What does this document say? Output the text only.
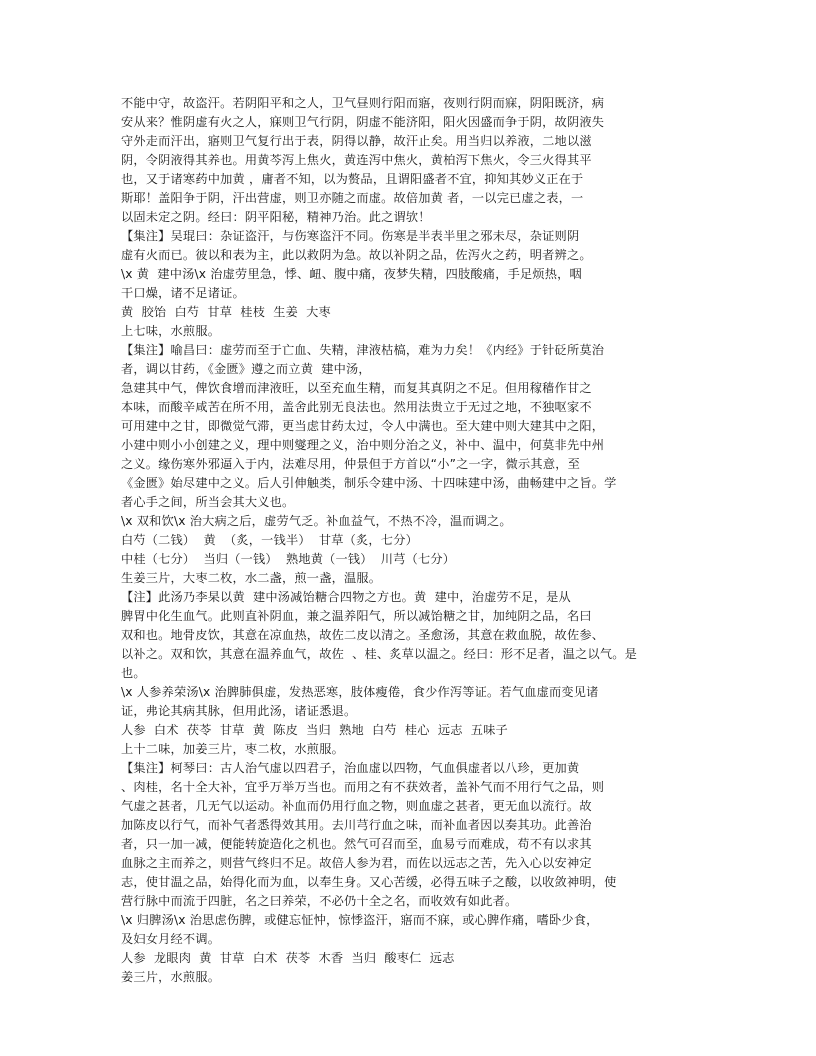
不能中守，故盗汗。若阴阳平和之人，卫气昼则行阳而寤，夜则行阴而寐，阴阳既济，病
安从来？惟阴虚有火之人，寐则卫气行阴，阴虚不能济阳，阳火因盛而争于阴，故阴液失
守外走而汗出，寤则卫气复行出于表，阴得以静，故汗止矣。用当归以养液，二地以滋
阴，令阴液得其养也。用黄芩泻上焦火，黄连泻中焦火，黄柏泻下焦火，令三火得其平
也，又于诸寒药中加黄 ，庸者不知，以为赘品，且谓阳盛者不宜，抑知其妙义正在于
斯耶！盖阳争于阴，汗出营虚，则卫亦随之而虚。故倍加黄 者，一以完已虚之表，一
以固未定之阴。经曰：阴平阳秘，精神乃治。此之谓欤！
【集注】吴琨曰：杂证盗汗，与伤寒盗汗不同。伤寒是半表半里之邪未尽，杂证则阴
虚有火而已。彼以和表为主，此以救阴为急。故以补阴之品，佐泻火之药，明者辨之。
\x 黄  建中汤\x 治虚劳里急，悸、衄、腹中痛，夜梦失精，四肢酸痛，手足烦热，咽
干口燥，诸不足诸证。
黄  胶饴  白芍  甘草  桂枝  生姜  大枣
上七味，水煎服。
【集注】喻昌曰：虚劳而至于亡血、失精，津液枯槁，难为力矣！《内经》于针砭所莫治
者，调以甘药，《金匮》遵之而立黄  建中汤，
急建其中气，俾饮食增而津液旺，以至充血生精，而复其真阴之不足。但用稼穑作甘之
本味，而酸辛咸苦在所不用，盖舍此别无良法也。然用法贵立于无过之地，不独呕家不
可用建中之甘，即微觉气滞，更当虑甘药太过，令人中满也。至大建中则大建其中之阳，
小建中则小小创建之义，理中则燮理之义，治中则分治之义，补中、温中，何莫非先中州
之义。缘伤寒外邪逼入于内，法难尽用，仲景但于方首以“小”之一字，微示其意，至
《金匮》始尽建中之义。后人引伸触类，制乐令建中汤、十四味建中汤，曲畅建中之旨。学
者心手之间，所当会其大义也。
\x 双和饮\x 治大病之后，虚劳气乏。补血益气，不热不冷，温而调之。
白芍（二钱）  黄  （炙，一钱半）  甘草（炙，七分）
中桂（七分）  当归（一钱）  熟地黄（一钱）  川芎（七分）
生姜三片，大枣二枚，水二盏，煎一盏，温服。
【注】此汤乃李杲以黄  建中汤减饴糖合四物之方也。黄  建中，治虚劳不足，是从
脾胃中化生血气。此则直补阴血，兼之温养阳气，所以减饴糖之甘，加纯阴之品，名曰
双和也。地骨皮饮，其意在凉血热，故佐二皮以清之。圣愈汤，其意在救血脱，故佐参、
以补之。双和饮，其意在温养血气，故佐  、桂、炙草以温之。经曰：形不足者，温之以气。是
也。
\x 人参养荣汤\x 治脾肺俱虚，发热恶寒，肢体瘦倦，食少作泻等证。若气血虚而变见诸
证，弗论其病其脉，但用此汤，诸证悉退。
人参  白术  茯苓  甘草  黄  陈皮  当归  熟地  白芍  桂心  远志  五味子
上十二味，加姜三片，枣二枚，水煎服。
【集注】柯琴曰：古人治气虚以四君子，治血虚以四物，气血俱虚者以八珍，更加黄
、肉桂，名十全大补，宜乎万举万当也。而用之有不获效者，盖补气而不用行气之品，则
气虚之甚者，几无气以运动。补血而仍用行血之物，则血虚之甚者，更无血以流行。故
加陈皮以行气，而补气者悉得效其用。去川芎行血之味，而补血者因以奏其功。此善治
者，只一加一减，便能转旋造化之机也。然气可召而至，血易亏而难成，苟不有以求其
血脉之主而养之，则营气终归不足。故倍人参为君，而佐以远志之苦，先入心以安神定
志，使甘温之品，始得化而为血，以奉生身。又心苦缓，必得五味子之酸，以收敛神明，使
营行脉中而流于四脏，名之曰养荣，不必仍十全之名，而收效有如此者。
\x 归脾汤\x 治思虑伤脾，或健忘怔忡，惊悸盗汗，寤而不寐，或心脾作痛，嗜卧少食，
及妇女月经不调。
人参  龙眼肉  黄  甘草  白术  茯苓  木香  当归  酸枣仁  远志
姜三片，水煎服。
